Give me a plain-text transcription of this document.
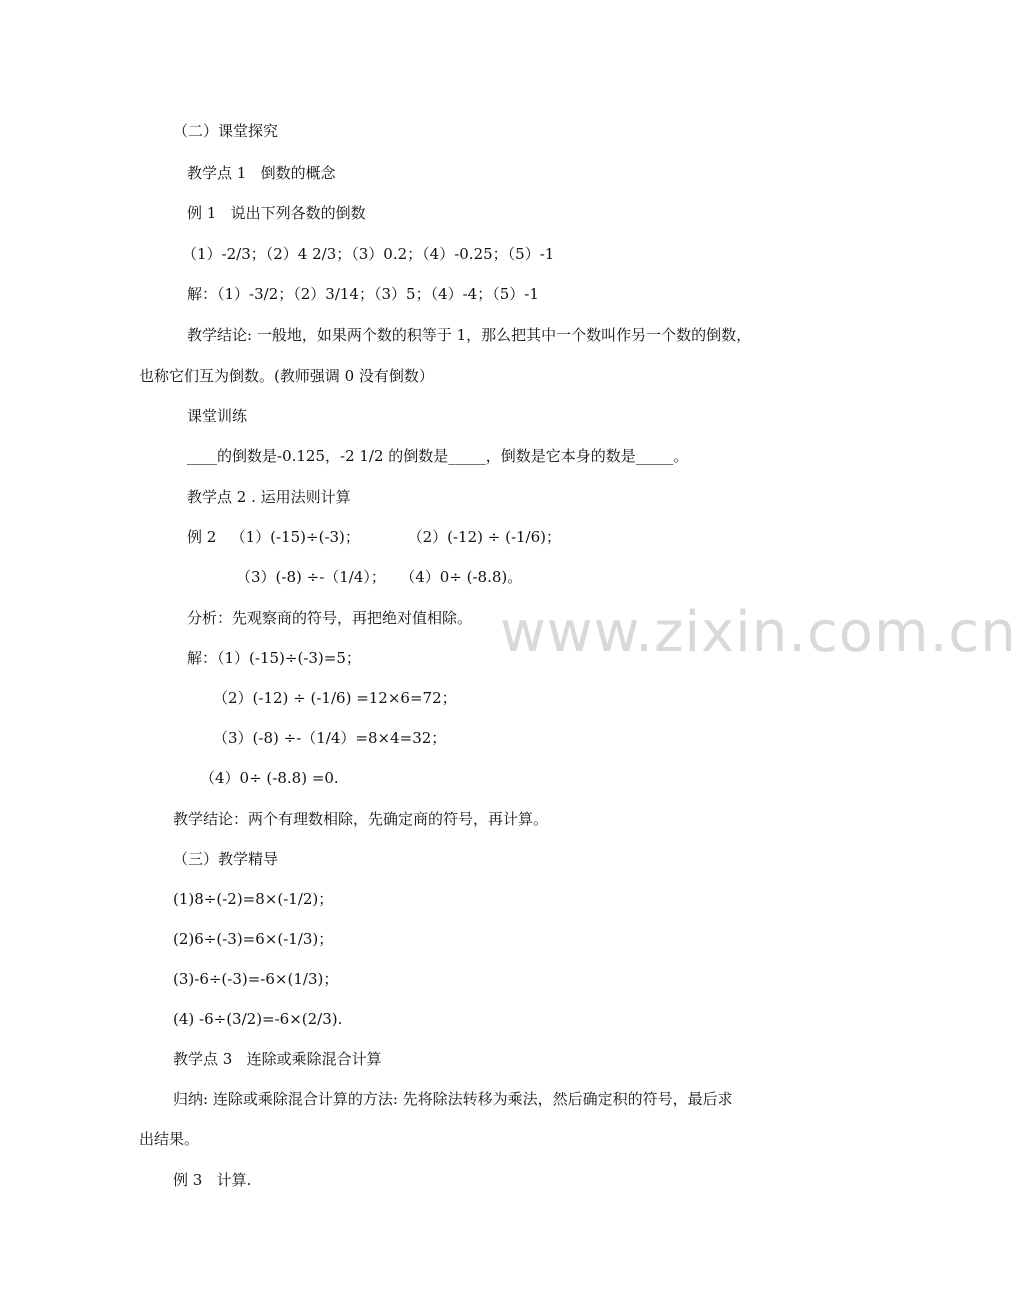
www.zixin.com.cn
（二）课堂探究
教学点 1   倒数的概念
例 1   说出下列各数的倒数
（1）-2/3；（2）4 2/3；（3）0.2；（4）-0.25；（5）-1
解：（1）-3/2；（2）3/14；（3）5；（4）-4；（5）-1
教学结论: 一般地，如果两个数的积等于 1，那么把其中一个数叫作另一个数的倒数，
也称它们互为倒数。(教师强调 0 没有倒数）
课堂训练
____的倒数是-0.125，-2 1/2 的倒数是_____，倒数是它本身的数是_____。
教学点 2 . 运用法则计算
例 2   （1）(-15)÷(-3)；          （2）(-12) ÷ (-1/6)；
（3）(-8) ÷-（1/4）；   （4）0÷ (-8.8)。
分析：先观察商的符号，再把绝对值相除。
解：（1）(-15)÷(-3)=5；
（2）(-12) ÷ (-1/6) =12×6=72；
（3）(-8) ÷-（1/4）=8×4=32；
（4）0÷ (-8.8) =0.
教学结论：两个有理数相除，先确定商的符号，再计算。
（三）教学精导
(1)8÷(-2)=8×(-1/2)；
(2)6÷(-3)=6×(-1/3)；
(3)-6÷(-3)=-6×(1/3)；
(4) -6÷(3/2)=-6×(2/3).
教学点 3   连除或乘除混合计算
归纳: 连除或乘除混合计算的方法: 先将除法转移为乘法，然后确定积的符号，最后求
出结果。
例 3   计算.
